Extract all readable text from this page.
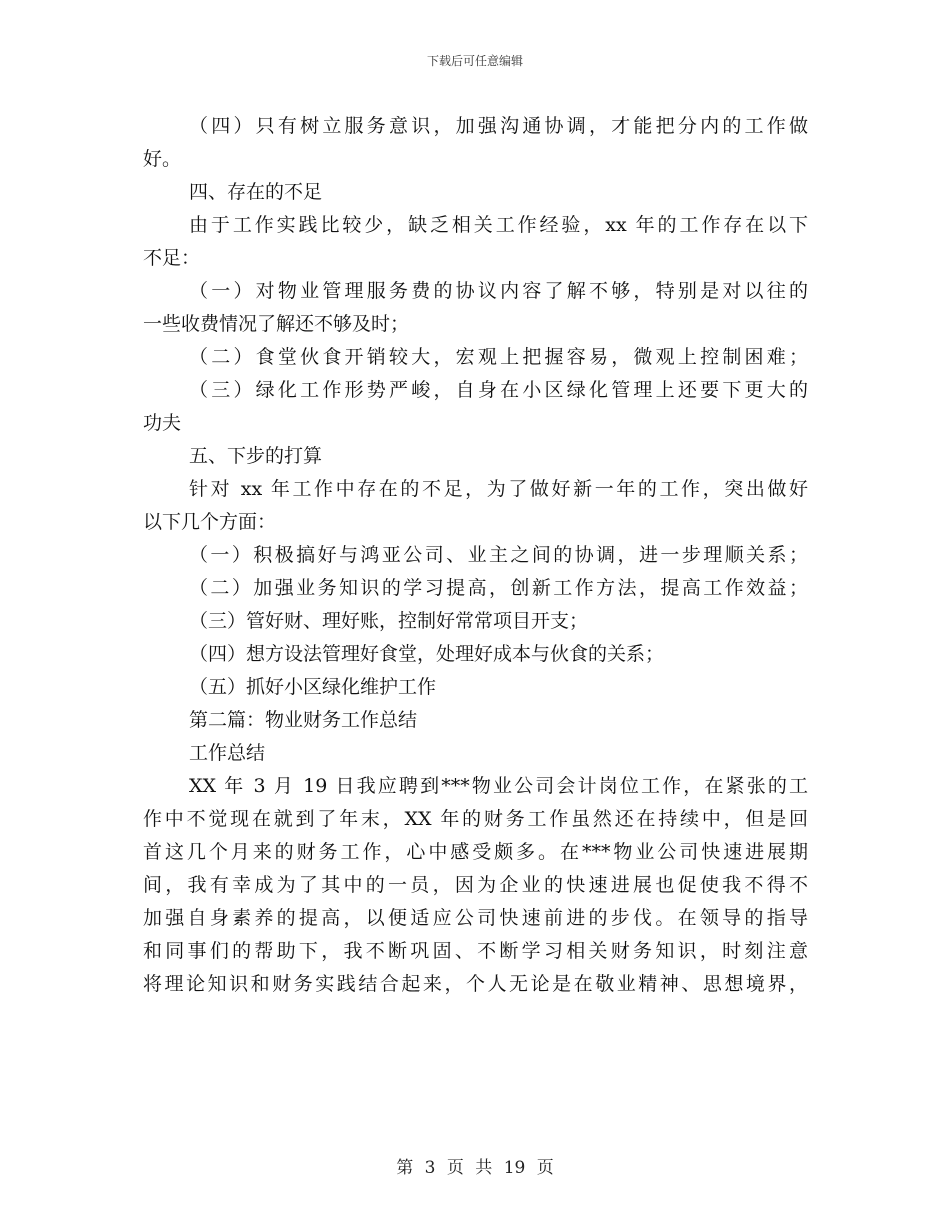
下载后可任意编辑
（四）只有树立服务意识，加强沟通协调，才能把分内的工作做
好。
四、存在的不足
由于工作实践比较少，缺乏相关工作经验，xx 年的工作存在以下
不足：
（一）对物业管理服务费的协议内容了解不够，特别是对以往的
一些收费情况了解还不够及时；
（二）食堂伙食开销较大，宏观上把握容易，微观上控制困难；
（三）绿化工作形势严峻，自身在小区绿化管理上还要下更大的
功夫
五、下步的打算
针对 xx 年工作中存在的不足，为了做好新一年的工作，突出做好
以下几个方面：
（一）积极搞好与鸿亚公司、业主之间的协调，进一步理顺关系；
（二）加强业务知识的学习提高，创新工作方法，提高工作效益；
（三）管好财、理好账，控制好常常项目开支；
（四）想方设法管理好食堂，处理好成本与伙食的关系；
（五）抓好小区绿化维护工作
第二篇：物业财务工作总结
工作总结
XX 年 3 月 19 日我应聘到***物业公司会计岗位工作，在紧张的工
作中不觉现在就到了年末，XX 年的财务工作虽然还在持续中，但是回
首这几个月来的财务工作，心中感受颇多。在***物业公司快速进展期
间，我有幸成为了其中的一员，因为企业的快速进展也促使我不得不
加强自身素养的提高，以便适应公司快速前进的步伐。在领导的指导
和同事们的帮助下，我不断巩固、不断学习相关财务知识，时刻注意
将理论知识和财务实践结合起来，个人无论是在敬业精神、思想境界，
第 3 页 共 19 页
